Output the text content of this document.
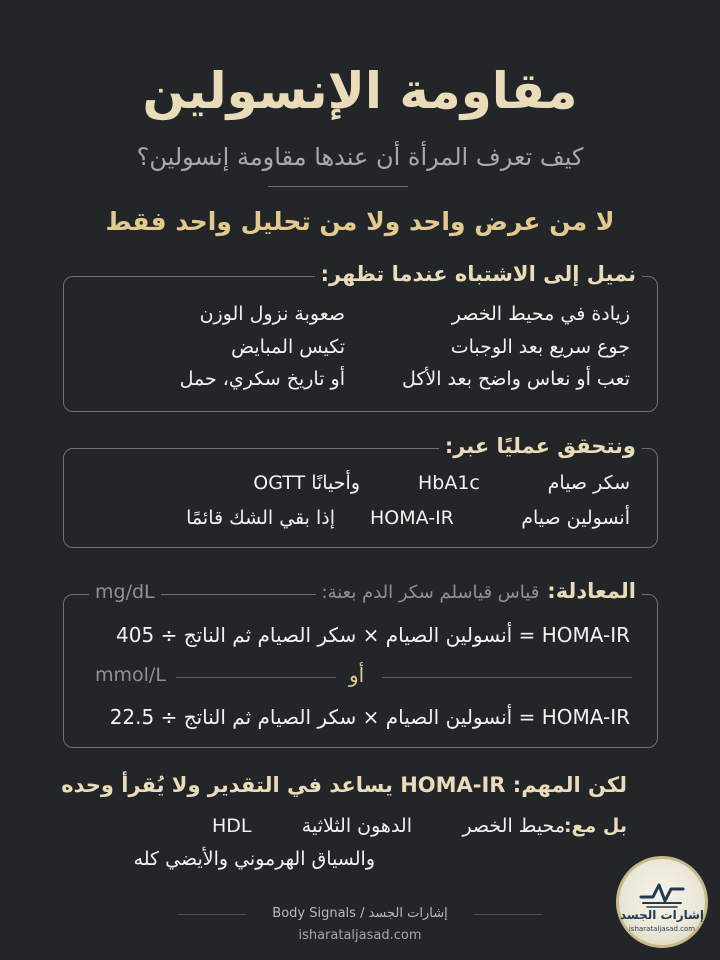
مقاومة الإنسولين
كيف تعرف المرأة أن عندها مقاومة إنسولين؟
لا من عرض واحد ولا من تحليل واحد فقط
نميل إلى الاشتباه عندما تظهر:
زيادة في محيط الخصر
جوع سريع بعد الوجبات
تعب أو نعاس واضح بعد الأكل
صعوبة نزول الوزن
تكيس المبايض
أو تاريخ سكري، حمل
ونتحقق عمليًا عبر:
سكر صيام
HbA1c
وأحيانًا OGTT
أنسولين صيام
HOMA-IR
إذا بقي الشك قائمًا
المعادلة:
قياس قياسلم سكر الدم بعنة:
mg/dL
HOMA-IR = أنسولين الصيام × سكر الصيام ثم الناتج ÷ 405
أو
mmol/L
HOMA-IR = أنسولين الصيام × سكر الصيام ثم الناتج ÷ 22.5
لكن المهم: HOMA-IR يساعد في التقدير ولا يُقرأ وحده
بل مع:
محيط الخصر
الدهون الثلاثية
HDL
والسياق الهرموني والأيضي كله
Body Signals / إشارات الجسد
isharataljasad.com
إشارات الجسد
isharataljasad.com
